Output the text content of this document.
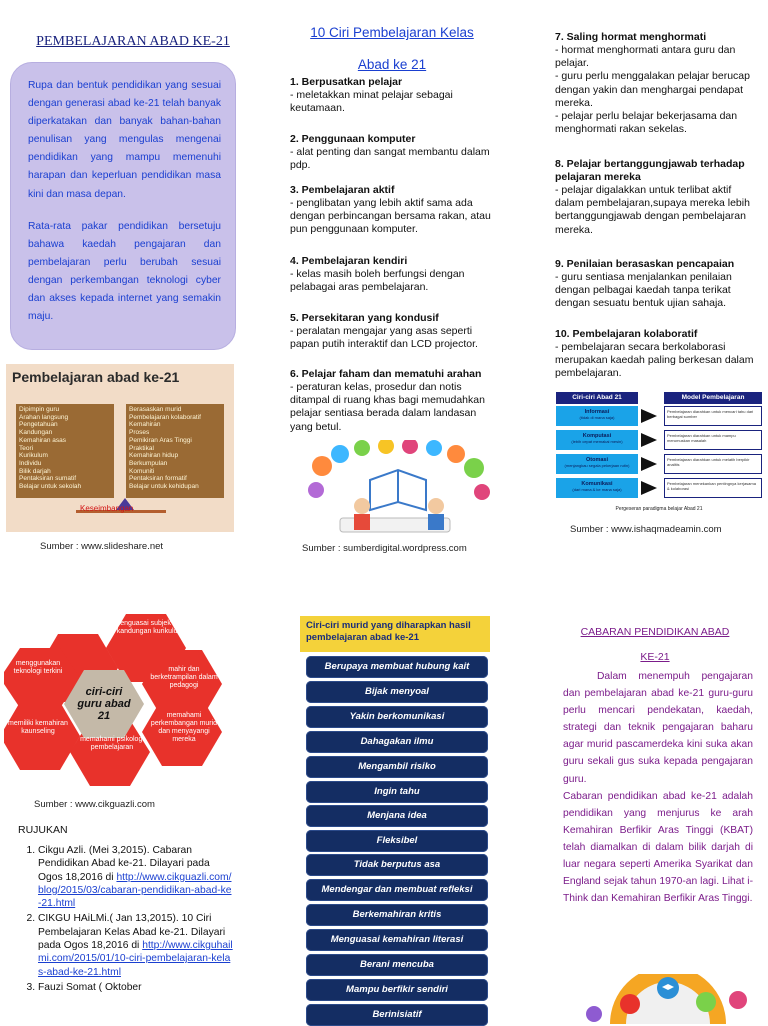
PEMBELAJARAN ABAD KE-21

Rupa dan bentuk pendidikan yang sesuai dengan generasi abad ke-21 telah banyak diperkatakan dan banyak bahan-bahan penulisan yang mengulas mengenai pendidikan yang mampu memenuhi harapan dan keperluan pendidikan masa kini dan masa depan.

Rata-rata pakar pendidikan bersetuju bahawa kaedah pengajaran dan pembelajaran perlu berubah sesuai dengan perkembangan teknologi cyber dan akses kepada internet yang semakin maju.

Pembelajaran abad ke-21
Dipimpin guru
Arahan langsung
Pengetahuan
Kandungan
Kemahiran asas
Teori
Kurikulum
Individu
Bilik darjah
Pentaksiran sumatif
Belajar untuk sekolah
Berasaskan murid
Pembelajaran kolaboratif
Kemahiran
Proses
Pemikiran Aras Tinggi
Praktikal
Kemahiran hidup
Berkumpulan
Komuniti
Pentaksiran formatif
Belajar untuk kehidupan
Keseimbangan
Sumber : www.slideshare.net
10 Ciri Pembelajaran Kelas
Abad ke 21
1. Berpusatkan pelajar
- meletakkan minat pelajar sebagai keutamaan.
2. Penggunaan komputer
- alat penting dan sangat membantu dalam pdp.
3. Pembelajaran aktif
- penglibatan yang lebih aktif sama ada dengan perbincangan bersama rakan, atau pun penggunaan komputer.
4. Pembelajaran kendiri
- kelas masih boleh berfungsi dengan pelabagai aras pembelajaran.
5. Persekitaran yang kondusif
- peralatan mengajar yang asas seperti papan putih interaktif dan LCD projector.
6. Pelajar faham dan mematuhi arahan
- peraturan kelas, prosedur dan notis ditampal di ruang khas bagi memudahkan pelajar sentiasa berada dalam landasan yang betul.
Sumber : sumberdigital.wordpress.com
7. Saling hormat menghormati
- hormat menghormati antara guru dan pelajar.
- guru perlu menggalakan pelajar berucap dengan yakin dan menghargai pendapat mereka.
- pelajar perlu belajar bekerjasama dan menghormati rakan sekelas.
8. Pelajar bertanggungjawab terhadap pelajaran mereka
- pelajar digalakkan untuk terlibat aktif dalam pembelajaran,supaya mereka lebih bertanggungjawab dengan pembelajaran mereka.
9. Penilaian berasaskan pencapaian
- guru sentiasa menjalankan penilaian dengan pelbagai kaedah tanpa terikat dengan sesuatu bentuk ujian sahaja.
10. Pembelajaran kolaboratif
- pembelajaran secara berkolaborasi merupakan kaedah paling berkesan dalam pembelajaran.
Ciri-ciri Abad 21	Model Pembelajaran
Informasi
(tidak di mana saja)
Pembelajaran diarahkan untuk mencari tahu dari berbagai sumber
Komputasi
(lebih cepat memakai mesin)
Pembelajaran diarahkan untuk mampu merumuskan masalah
Otomasi
(menjangkau segala pekerjaan rutin)
Pembelajaran diarahkan untuk melatih berpikir analitis
Komunikasi
(dari mana & ke mana saja)
Pembelajaran menekankan pentingnya kerjasama & kolaborasi
Pergeseran paradigma belajar Abad 21
Sumber : www.ishaqmadeamin.com
ciri-ciri guru abad 21
menguasai subjek iaitu kandungan kurikulum
mahir dan berketrampilan dalam pedagogi
memahami perkembangan murid dan menyayangi mereka
memahami psikologi pembelajaran
memiliki kemahiran kaunseling
menggunakan teknologi terkini
Sumber : www.cikguazli.com
RUJUKAN
1. Cikgu Azli. (Mei 3,2015). Cabaran Pendidikan Abad ke-21. Dilayari pada Ogos 18,2016 di http://www.cikguazli.com/blog/2015/03/cabaran-pendidikan-abad-ke-21.html
2. CIKGU HAiLMi.( Jan 13,2015). 10 Ciri Pembelajaran Kelas Abad ke-21. Dilayari pada Ogos 18,2016 di http://www.cikguhailmi.com/2015/01/10-ciri-pembelajaran-kelas-abad-ke-21.html
3. Fauzi Somat ( Oktober
Ciri-ciri murid yang diharapkan hasil pembelajaran abad ke-21
Berupaya membuat hubung kait
Bijak menyoal
Yakin berkomunikasi
Dahagakan ilmu
Mengambil risiko
Ingin tahu
Menjana idea
Fleksibel
Tidak berputus asa
Mendengar dan membuat refleksi
Berkemahiran kritis
Menguasai kemahiran literasi
Berani mencuba
Mampu berfikir sendiri
Berinisiatif
CABARAN PENDIDIKAN ABAD
KE-21

Dalam menempuh pengajaran dan pembelajaran abad ke-21 guru-guru perlu mencari pendekatan, kaedah, strategi dan teknik pengajaran baharu agar murid pascamerdeka kini suka akan guru sekali gus suka kepada pengajaran guru.

Cabaran pendidikan abad ke-21 adalah pendidikan yang menjurus ke arah Kemahiran Berfikir Aras Tinggi (KBAT) telah diamalkan di dalam bilik darjah di luar negara seperti Amerika Syarikat dan England sejak tahun 1970-an lagi. Lihat i-Think dan Kemahiran Berfikir Aras Tinggi.
